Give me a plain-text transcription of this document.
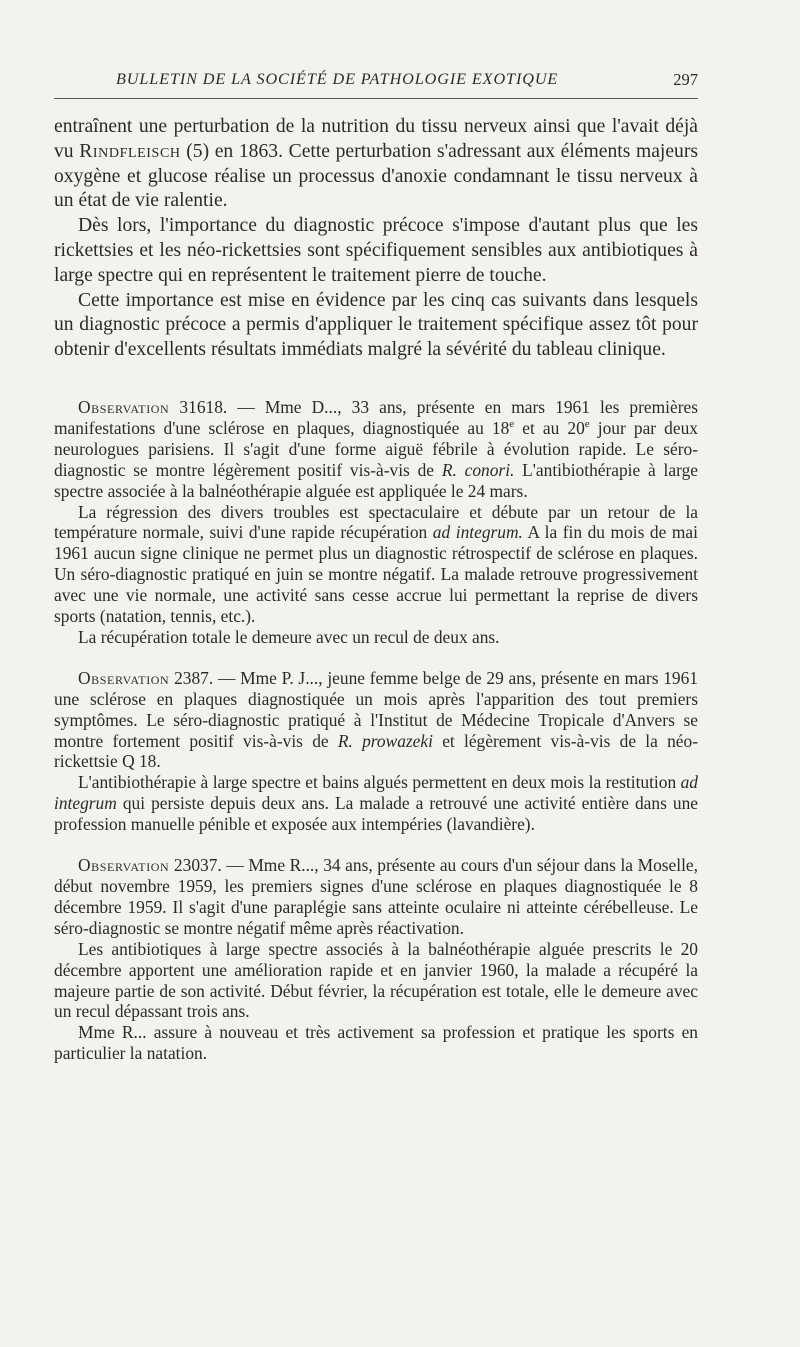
BULLETIN DE LA SOCIÉTÉ DE PATHOLOGIE EXOTIQUE	297

entraînent une perturbation de la nutrition du tissu nerveux ainsi que l'avait déjà vu Rindfleisch (5) en 1863. Cette perturbation s'adressant aux éléments majeurs oxygène et glucose réalise un processus d'anoxie condamnant le tissu nerveux à un état de vie ralentie.

Dès lors, l'importance du diagnostic précoce s'impose d'autant plus que les rickettsies et les néo-rickettsies sont spécifiquement sensibles aux antibiotiques à large spectre qui en représentent le traitement pierre de touche.

Cette importance est mise en évidence par les cinq cas suivants dans lesquels un diagnostic précoce a permis d'appliquer le traitement spécifique assez tôt pour obtenir d'excellents résultats immédiats malgré la sévérité du tableau clinique.

Observation 31618. — Mme D..., 33 ans, présente en mars 1961 les premières manifestations d'une sclérose en plaques, diagnostiquée au 18e et au 20e jour par deux neurologues parisiens. Il s'agit d'une forme aiguë fébrile à évolution rapide. Le séro-diagnostic se montre légèrement positif vis-à-vis de R. conori. L'antibiothérapie à large spectre associée à la balnéothérapie alguée est appliquée le 24 mars.

La régression des divers troubles est spectaculaire et débute par un retour de la température normale, suivi d'une rapide récupération ad integrum. A la fin du mois de mai 1961 aucun signe clinique ne permet plus un diagnostic rétrospectif de sclérose en plaques. Un séro-diagnostic pratiqué en juin se montre négatif. La malade retrouve progressivement avec une vie normale, une activité sans cesse accrue lui permettant la reprise de divers sports (natation, tennis, etc.).

La récupération totale le demeure avec un recul de deux ans.

Observation 2387. — Mme P. J..., jeune femme belge de 29 ans, présente en mars 1961 une sclérose en plaques diagnostiquée un mois après l'apparition des tout premiers symptômes. Le séro-diagnostic pratiqué à l'Institut de Médecine Tropicale d'Anvers se montre fortement positif vis-à-vis de R. prowazeki et légèrement vis-à-vis de la néo-rickettsie Q 18.

L'antibiothérapie à large spectre et bains algués permettent en deux mois la restitution ad integrum qui persiste depuis deux ans. La malade a retrouvé une activité entière dans une profession manuelle pénible et exposée aux intempéries (lavandière).

Observation 23037. — Mme R..., 34 ans, présente au cours d'un séjour dans la Moselle, début novembre 1959, les premiers signes d'une sclérose en plaques diagnostiquée le 8 décembre 1959. Il s'agit d'une paraplégie sans atteinte oculaire ni atteinte cérébelleuse. Le séro-diagnostic se montre négatif même après réactivation.

Les antibiotiques à large spectre associés à la balnéothérapie alguée prescrits le 20 décembre apportent une amélioration rapide et en janvier 1960, la malade a récupéré la majeure partie de son activité. Début février, la récupération est totale, elle le demeure avec un recul dépassant trois ans.

Mme R... assure à nouveau et très activement sa profession et pratique les sports en particulier la natation.
